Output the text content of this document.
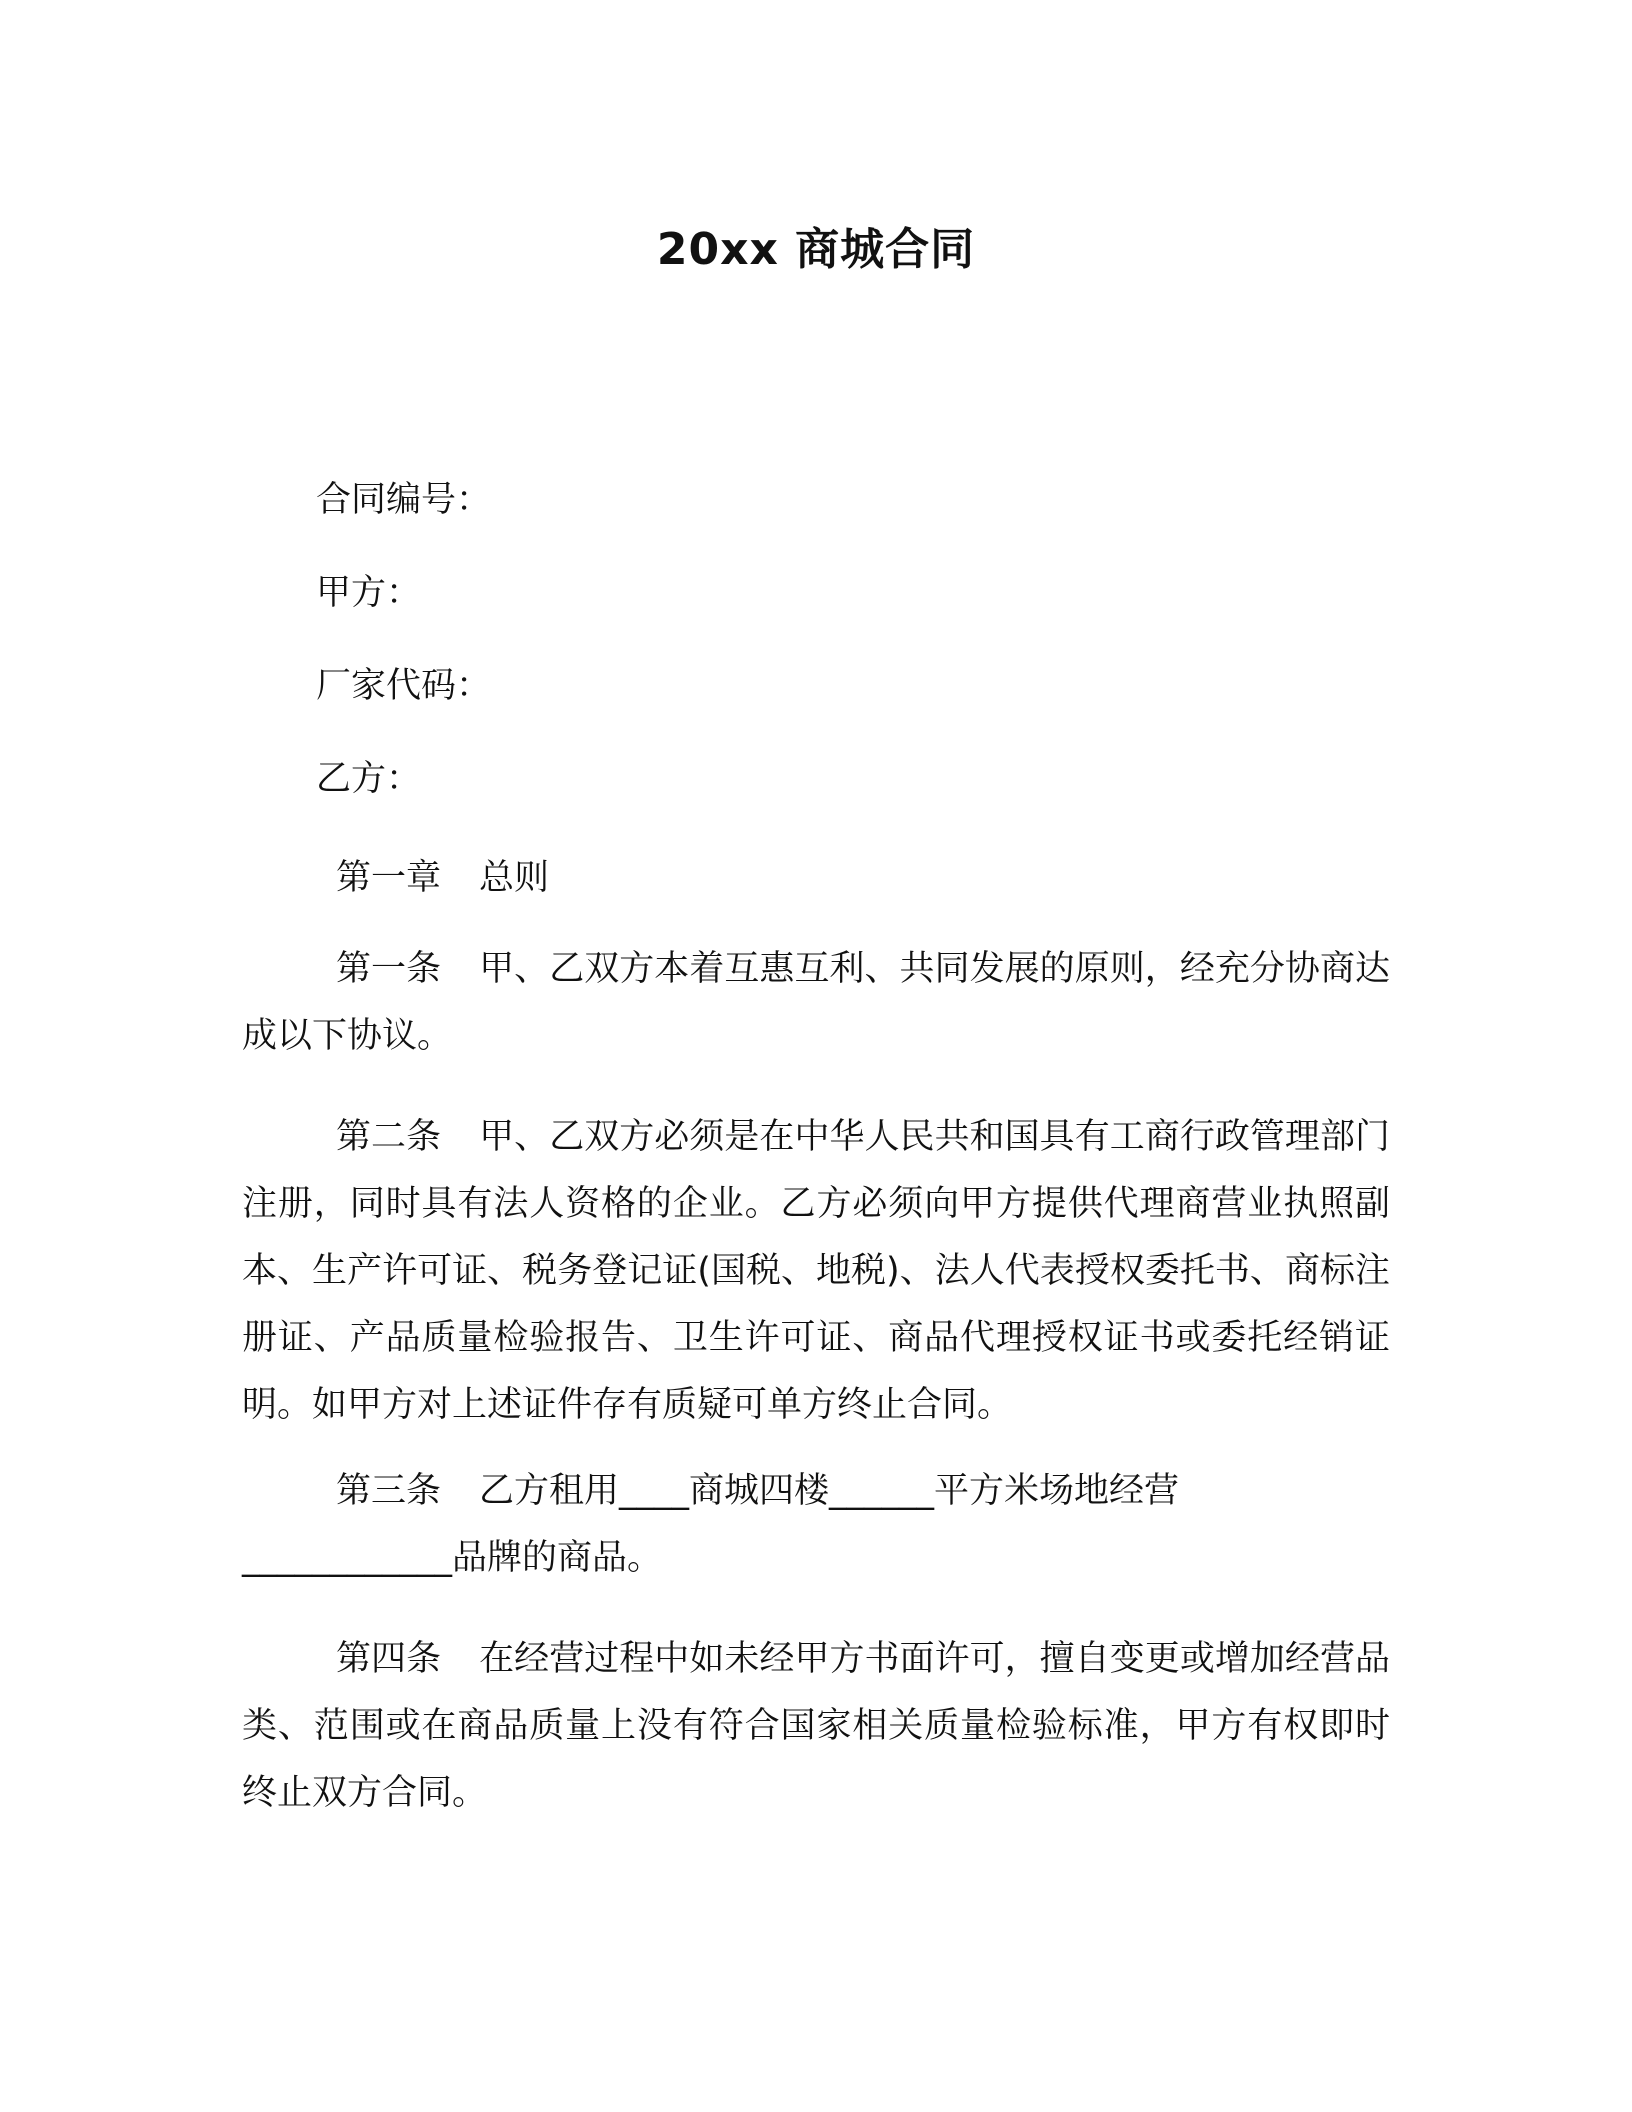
20xx 商城合同
合同编号：
甲方：
厂家代码：
乙方：
第一章 总则
第一条 甲、乙双方本着互惠互利、共同发展的原则，经充分协商达成以下协议。
第二条 甲、乙双方必须是在中华人民共和国具有工商行政管理部门注册，同时具有法人资格的企业。乙方必须向甲方提供代理商营业执照副本、生产许可证、税务登记证(国税、地税)、法人代表授权委托书、商标注册证、产品质量检验报告、卫生许可证、商品代理授权证书或委托经销证明。如甲方对上述证件存有质疑可单方终止合同。
第三条 乙方租用____商城四楼______平方米场地经营
____________品牌的商品。
第四条 在经营过程中如未经甲方书面许可，擅自变更或增加经营品类、范围或在商品质量上没有符合国家相关质量检验标准，甲方有权即时终止双方合同。
